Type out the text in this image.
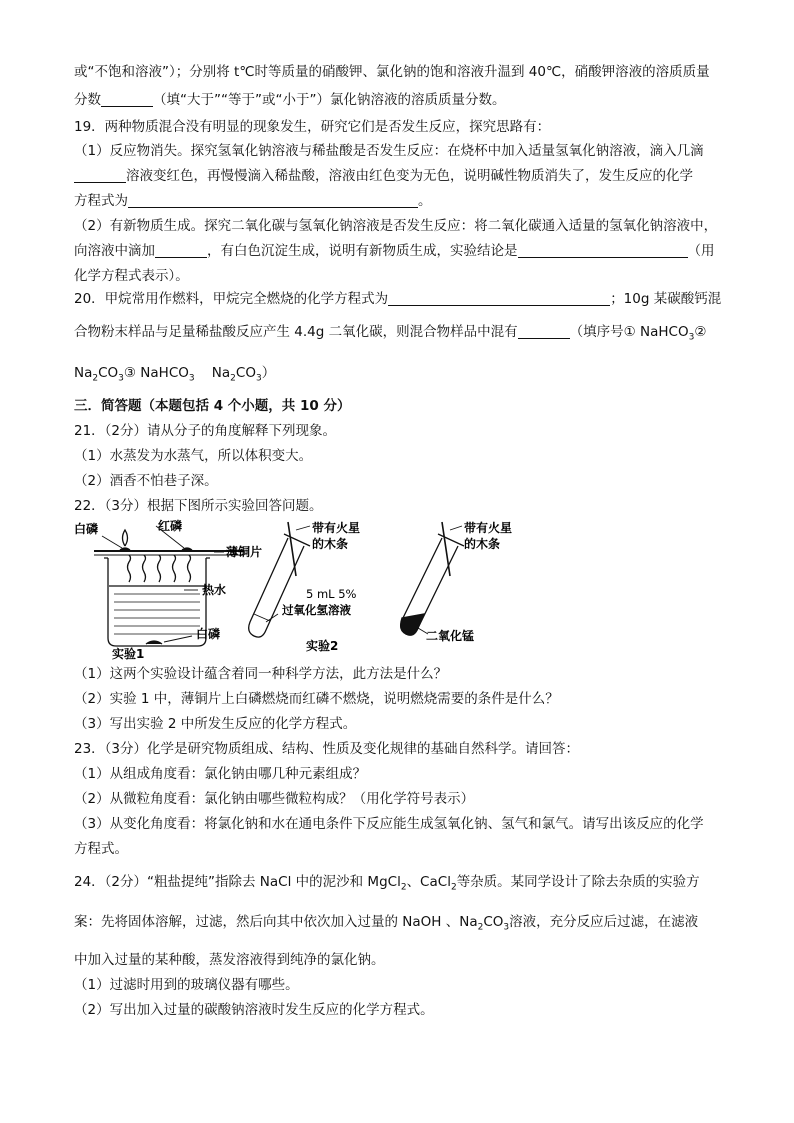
或“不饱和溶液”）；分别将 t℃时等质量的硝酸钾、氯化钠的饱和溶液升温到 40℃，硝酸钾溶液的溶质质量
分数	（填“大于”“等于”或“小于”）氯化钠溶液的溶质质量分数。
19．两种物质混合没有明显的现象发生，研究它们是否发生反应，探究思路有：
（1）反应物消失。探究氢氧化钠溶液与稀盐酸是否发生反应：在烧杯中加入适量氢氧化钠溶液，滴入几滴
溶液变红色，再慢慢滴入稀盐酸，溶液由红色变为无色，说明碱性物质消失了，发生反应的化学
方程式为	。
（2）有新物质生成。探究二氧化碳与氢氧化钠溶液是否发生反应：将二氧化碳通入适量的氢氧化钠溶液中，
向溶液中滴加	，有白色沉淀生成，说明有新物质生成，实验结论是	（用
化学方程式表示）。
20．甲烷常用作燃料，甲烷完全燃烧的化学方程式为	；10g 某碳酸钙混
合物粉末样品与足量稀盐酸反应产生 4.4g 二氧化碳，则混合物样品中混有	（填序号① NaHCO$_3$②
$Na_2CO_3③$ NaHCO$_3$ $Na_2CO_3$）
三．简答题（本题包括 4 个小题，共 10 分）
21．（2分）请从分子的角度解释下列现象。
（1）水蒸发为水蒸气，所以体积变大。
（2）酒香不怕巷子深。
22．（3分）根据下图所示实验回答问题。
白磷	红磷
薄铜片
热水
白磷
实验1
带有火星
的木条
5 mL 5%
过氧化氢溶液
实验2
带有火星
的木条
二氧化锰
（1）这两个实验设计蕴含着同一种科学方法，此方法是什么？
（2）实验 1 中，薄铜片上白磷燃烧而红磷不燃烧，说明燃烧需要的条件是什么？
（3）写出实验 2 中所发生反应的化学方程式。
23．（3分）化学是研究物质组成、结构、性质及变化规律的基础自然科学。请回答：
（1）从组成角度看：氯化钠由哪几种元素组成？
（2）从微粒角度看：氯化钠由哪些微粒构成？（用化学符号表示）
（3）从变化角度看：将氯化钠和水在通电条件下反应能生成氢氧化钠、氢气和氯气。请写出该反应的化学
方程式。
24．（2分）“粗盐提纯”指除去 NaCl 中的泥沙和 MgCl$_2$、CaCl$_2$等杂质。某同学设计了除去杂质的实验方
案：先将固体溶解，过滤，然后向其中依次加入过量的 NaOH 、$Na_2CO_3$溶液，充分反应后过滤，在滤液
中加入过量的某种酸，蒸发溶液得到纯净的氯化钠。
（1）过滤时用到的玻璃仪器有哪些。
（2）写出加入过量的碳酸钠溶液时发生反应的化学方程式。
